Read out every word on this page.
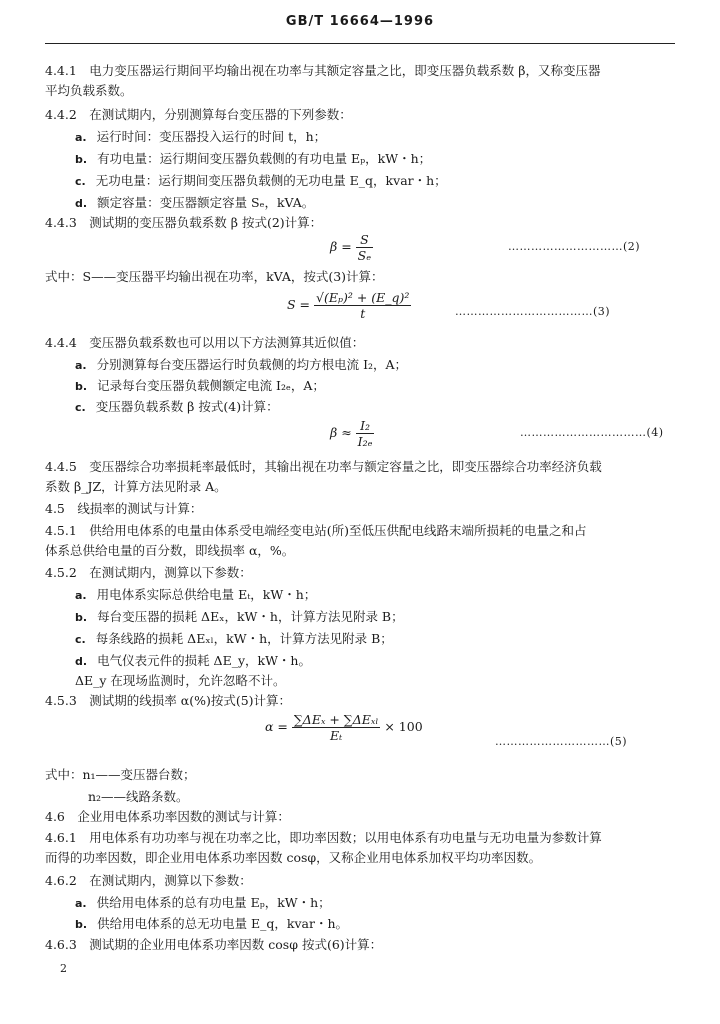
GB/T 16664—1996
4.4.1　电力变压器运行期间平均输出视在功率与其额定容量之比，即变压器负载系数 β，又称变压器
平均负载系数。
4.4.2　在测试期内，分别测算每台变压器的下列参数：
a. 运行时间：变压器投入运行的时间 t，h；
b. 有功电量：运行期间变压器负载侧的有功电量 Eₚ，kW・h；
c. 无功电量：运行期间变压器负载侧的无功电量 E_q，kvar・h；
d. 额定容量：变压器额定容量 Sₑ，kVA。
4.4.3　测试期的变压器负载系数 β 按式(2)计算：
$\beta = \frac{S}{\text{Sₑ}}$	…………………………(2)
式中：S——变压器平均输出视在功率，kVA，按式(3)计算：
$S = \frac{\text{√(Eₚ)² + (E\_q)²}}{t}$	………………………………(3)
4.4.4　变压器负载系数也可以用以下方法测算其近似值：
a. 分别测算每台变压器运行时负载侧的均方根电流 I₂，A；
b. 记录每台变压器负载侧额定电流 I₂ₑ，A；
c. 变压器负载系数 β 按式(4)计算：
$\beta \approx \frac{\text{I₂}}{\text{I₂ₑ}}$	……………………………(4)
4.4.5　变压器综合功率损耗率最低时，其输出视在功率与额定容量之比，即变压器综合功率经济负载
系数 β_JZ，计算方法见附录 A。
4.5　线损率的测试与计算：
4.5.1　供给用电体系的电量由体系受电端经变电站(所)至低压供配电线路末端所损耗的电量之和占
体系总供给电量的百分数，即线损率 α，%。
4.5.2　在测试期内，测算以下参数：
a. 用电体系实际总供给电量 Eₜ，kW・h；
b. 每台变压器的损耗 ΔEₓ，kW・h，计算方法见附录 B；
c. 每条线路的损耗 ΔEₓₗ，kW・h，计算方法见附录 B；
d. 电气仪表元件的损耗 ΔE_y，kW・h。
ΔE_y 在现场监测时，允许忽略不计。
4.5.3　测试期的线损率 α(%)按式(5)计算：
$\alpha = \frac{\text{∑ΔEₓ + ∑ΔEₓₗ}}{\text{Eₜ}} \times 100$
…………………………(5)
式中：n₁——变压器台数；
n₂——线路条数。
4.6　企业用电体系功率因数的测试与计算：
4.6.1　用电体系有功功率与视在功率之比，即功率因数；以用电体系有功电量与无功电量为参数计算
而得的功率因数，即企业用电体系功率因数 cosφ，又称企业用电体系加权平均功率因数。
4.6.2　在测试期内，测算以下参数：
a. 供给用电体系的总有功电量 Eₚ，kW・h；
b. 供给用电体系的总无功电量 E_q，kvar・h。
4.6.3　测试期的企业用电体系功率因数 cosφ 按式(6)计算：
2
